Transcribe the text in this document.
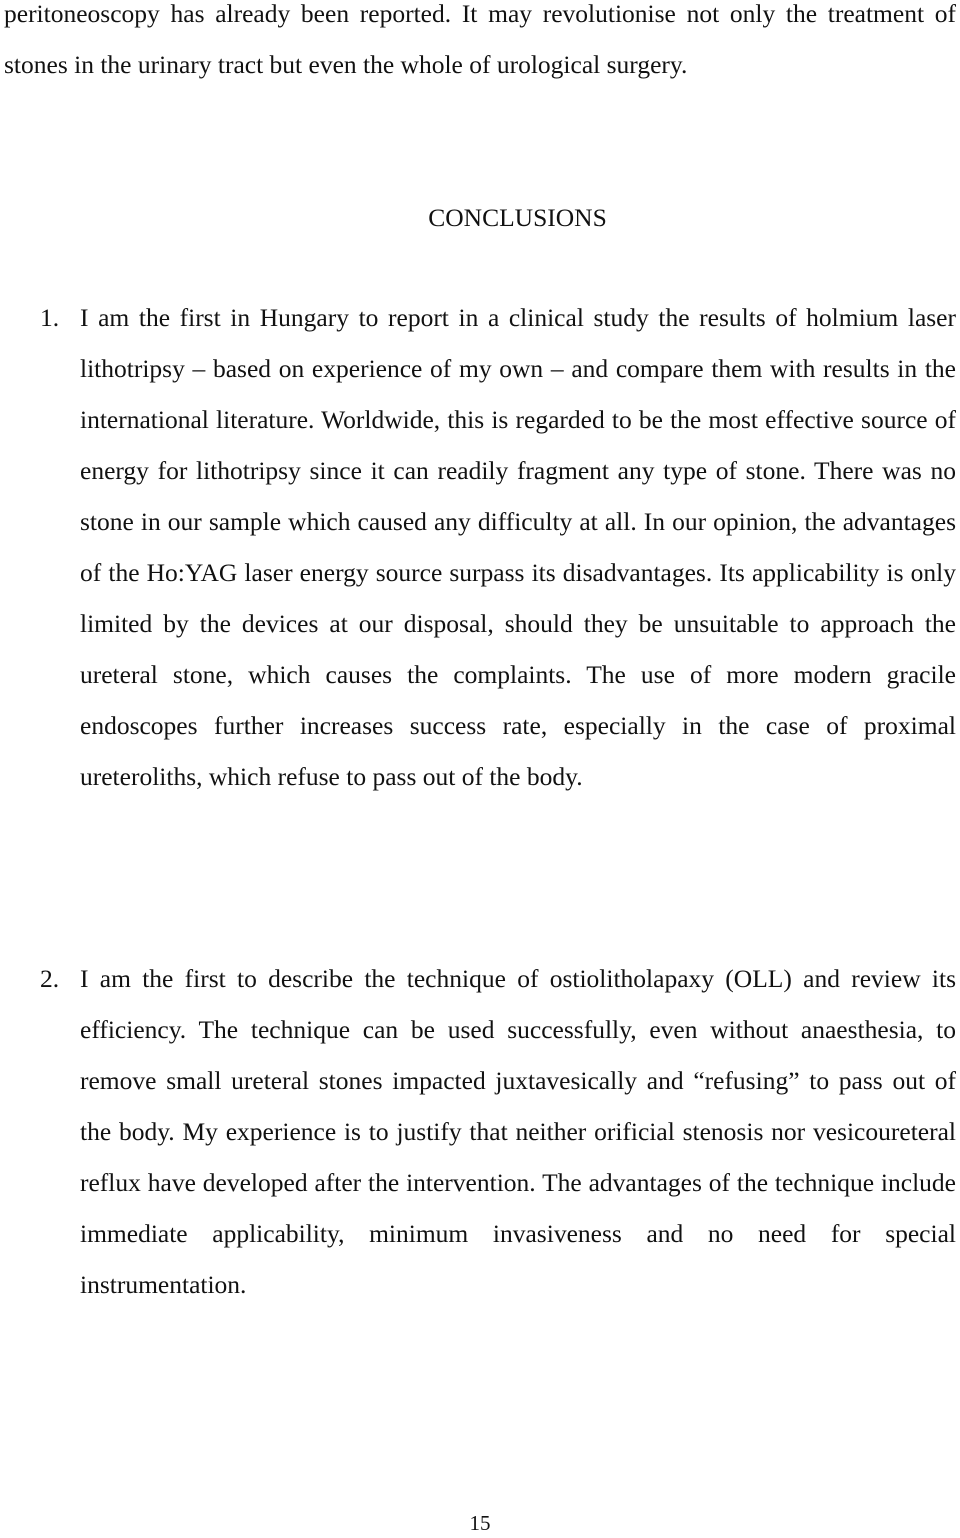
peritoneoscopy has already been reported. It may revolutionise not only the treatment of stones in the urinary tract but even the whole of urological surgery.

CONCLUSIONS
1. I am the first in Hungary to report in a clinical study the results of holmium laser lithotripsy – based on experience of my own – and compare them with results in the international literature. Worldwide, this is regarded to be the most effective source of energy for lithotripsy since it can readily fragment any type of stone. There was no stone in our sample which caused any difficulty at all. In our opinion, the advantages of the Ho:YAG laser energy source surpass its disadvantages. Its applicability is only limited by the devices at our disposal, should they be unsuitable to approach the ureteral stone, which causes the complaints. The use of more modern gracile endoscopes further increases success rate, especially in the case of proximal ureteroliths, which refuse to pass out of the body.

2. I am the first to describe the technique of ostiolitholapaxy (OLL) and review its efficiency. The technique can be used successfully, even without anaesthesia, to remove small ureteral stones impacted juxtavesically and “refusing” to pass out of the body. My experience is to justify that neither orificial stenosis nor vesicoureteral reflux have developed after the intervention. The advantages of the technique include immediate applicability, minimum invasiveness and no need for special instrumentation.

15
